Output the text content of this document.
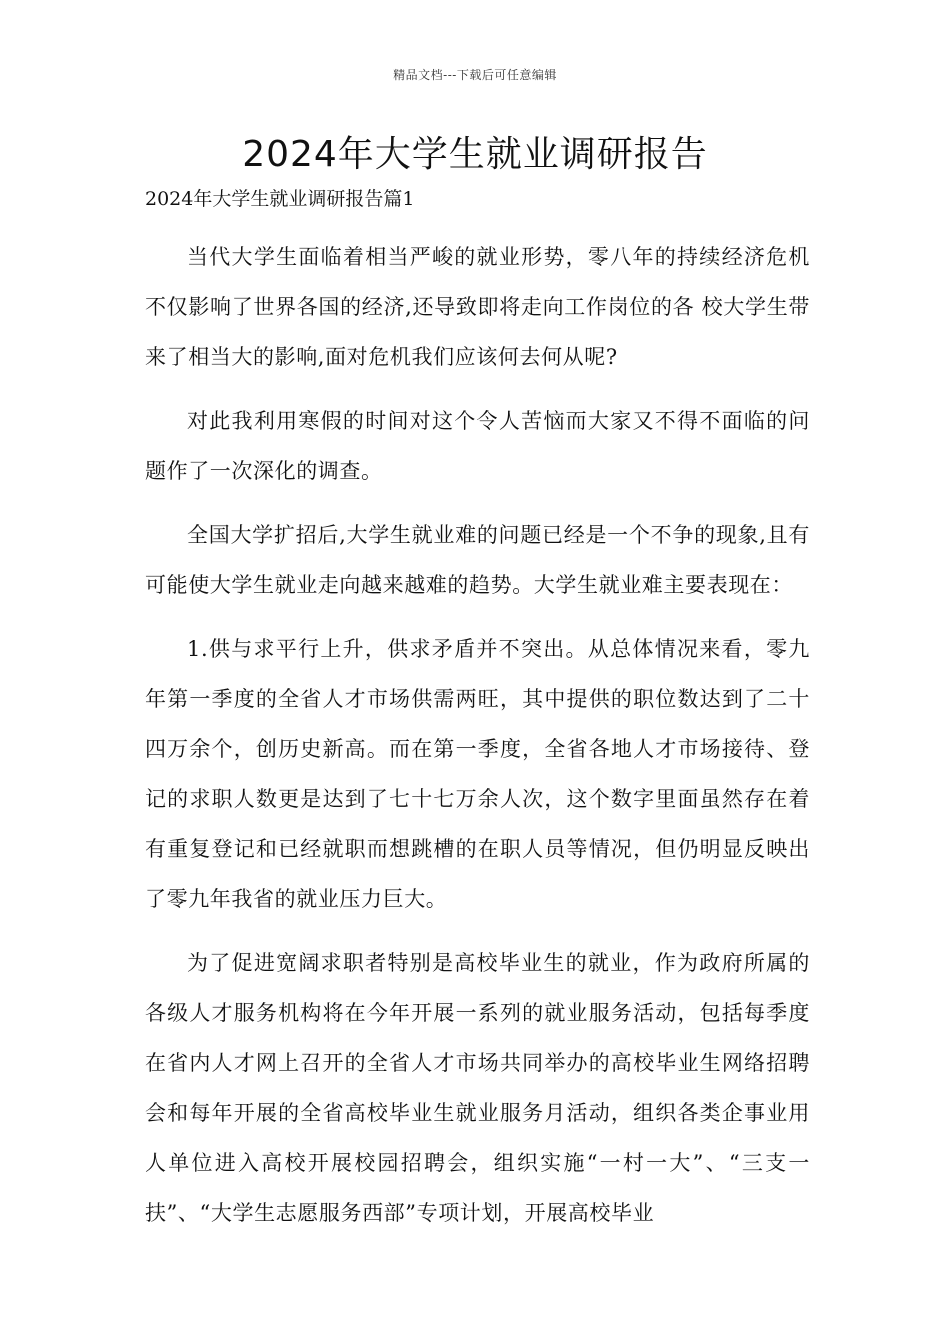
精品文档---下载后可任意编辑
2024年大学生就业调研报告
2024年大学生就业调研报告篇1

当代大学生面临着相当严峻的就业形势，零八年的持续经济危机不仅影响了世界各国的经济,还导致即将走向工作岗位的各 校大学生带来了相当大的影响,面对危机我们应该何去何从呢?

对此我利用寒假的时间对这个令人苦恼而大家又不得不面临的问题作了一次深化的调查。

全国大学扩招后,大学生就业难的问题已经是一个不争的现象,且有可能使大学生就业走向越来越难的趋势。大学生就业难主要表现在：

1.供与求平行上升，供求矛盾并不突出。从总体情况来看，零九年第一季度的全省人才市场供需两旺，其中提供的职位数达到了二十四万余个，创历史新高。而在第一季度，全省各地人才市场接待、登记的求职人数更是达到了七十七万余人次，这个数字里面虽然存在着有重复登记和已经就职而想跳槽的在职人员等情况，但仍明显反映出了零九年我省的就业压力巨大。

为了促进宽阔求职者特别是高校毕业生的就业，作为政府所属的各级人才服务机构将在今年开展一系列的就业服务活动，包括每季度在省内人才网上召开的全省人才市场共同举办的高校毕业生网络招聘会和每年开展的全省高校毕业生就业服务月活动，组织各类企事业用人单位进入高校开展校园招聘会，组织实施“一村一大”、“三支一扶”、“大学生志愿服务西部”专项计划，开展高校毕业
